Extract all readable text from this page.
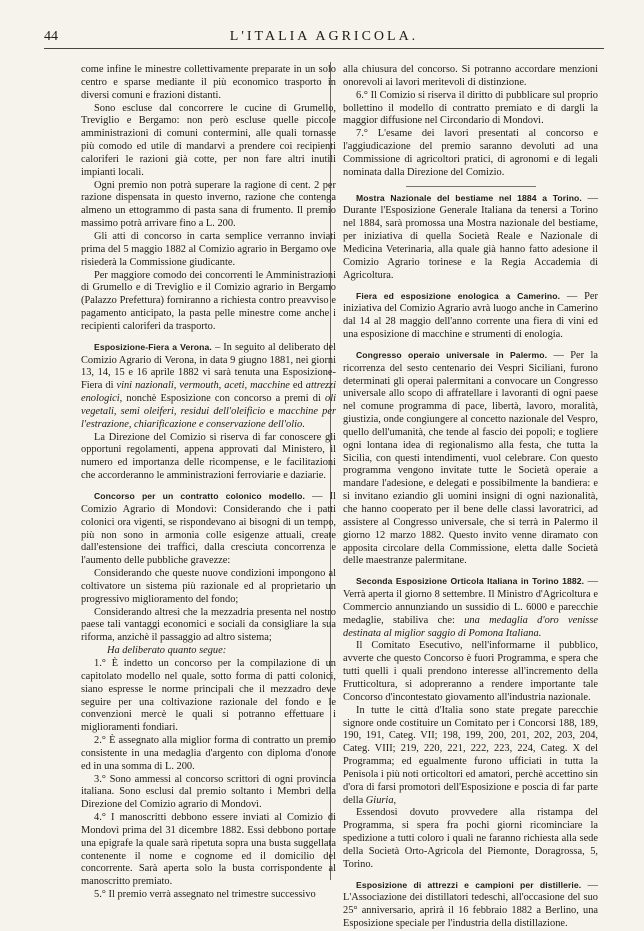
44	L'ITALIA AGRICOLA.

come infine le minestre collettivamente preparate in un solo centro e sparse mediante il più economico trasporto in diversi comuni e frazioni distanti.

Sono escluse dal concorrere le cucine di Grumello, Treviglio e Bergamo: non però escluse quelle piccole amministrazioni di comuni contermini, alle quali tornasse più comodo ed utile di mandarvi a prendere coi recipienti caloriferi le razioni già cotte, per non fare altri inutili impianti locali.

Ogni premio non potrà superare la ragione di cent. 2 per razione dispensata in questo inverno, razione che contenga almeno un ettogrammo di pasta sana di frumento. Il premio massimo potrà arrivare fino a L. 200.

Gli atti di concorso in carta semplice verranno inviati prima del 5 maggio 1882 al Comizio agrario in Bergamo ove risiederà la Commissione giudicante.

Per maggiore comodo dei concorrenti le Amministrazioni di Grumello e di Treviglio e il Comizio agrario in Bergamo (Palazzo Prefettura) forniranno a richiesta contro preavviso e pagamento anticipato, la pasta pelle minestre come anche i recipienti caloriferi da trasporto.

Esposizione-Fiera a Verona. – In seguito al deliberato del Comizio Agrario di Verona, in data 9 giugno 1881, nei giorni 13, 14, 15 e 16 aprile 1882 vi sarà tenuta una Esposizione-Fiera di vini nazionali, vermouth, aceti, macchine ed attrezzi enologici, nonchè Esposizione con concorso a premi di oli vegetali, semi oleiferi, residui dell'oleificio e macchine per l'estrazione, chiarificazione e conservazione dell'olio.

La Direzione del Comizio si riserva di far conoscere gli opportuni regolamenti, appena approvati dal Ministero, il numero ed importanza delle ricompense, e le facilitazioni che accorderanno le amministrazioni ferroviarie e daziarie.

Concorso per un contratto colonico modello. — Il Comizio Agrario di Mondovì: Considerando che i patti colonici ora vigenti, se rispondevano ai bisogni di un tempo, più non sono in armonia colle esigenze attuali, create dall'estensione dei traffici, dalla cresciuta concorrenza e l'aumento delle pubbliche gravezze:

Considerando che queste nuove condizioni impongono al coltivatore un sistema più razionale ed al proprietario un progressivo miglioramento del fondo;

Considerando altresì che la mezzadria presenta nel nostro paese tali vantaggi economici e sociali da consigliare la sua riforma, anzichè il passaggio ad altro sistema;

Ha deliberato quanto segue:

1.° È indetto un concorso per la compilazione di un capitolato modello nel quale, sotto forma di patti colonici, siano espresse le norme principali che il mezzadro deve seguire per una coltivazione razionale del fondo e le convenzioni mercè le quali si potranno effettuare i miglioramenti fondiari.

2.° È assegnato alla miglior forma di contratto un premio consistente in una medaglia d'argento con diploma d'onore ed in una somma di L. 200.

3.° Sono ammessi al concorso scrittori di ogni provincia italiana. Sono esclusi dal premio soltanto i Membri della Direzione del Comizio agrario di Mondovì.

4.° I manoscritti debbono essere inviati al Comizio di Mondovì prima del 31 dicembre 1882. Essi debbono portare una epigrafe la quale sarà ripetuta sopra una busta suggellata contenente il nome e cognome ed il domicilio del concorrente. Sarà aperta solo la busta corrispondente al manoscritto premiato.

5.° Il premio verrà assegnato nel trimestre successivo

alla chiusura del concorso. Si potranno accordare menzioni onorevoli ai lavori meritevoli di distinzione.

6.° Il Comizio si riserva il diritto di pubblicare sul proprio bollettino il modello di contratto premiato e di dargli la maggior diffusione nel Circondario di Mondovì.

7.° L'esame dei lavori presentati al concorso e l'aggiudicazione del premio saranno devoluti ad una Commissione di agricoltori pratici, di agronomi e di legali nominata dalla Direzione del Comizio.

Mostra Nazionale del bestiame nel 1884 a Torino. — Durante l'Esposizione Generale Italiana da tenersi a Torino nel 1884, sarà promossa una Mostra nazionale del bestiame, per iniziativa di quella Società Reale e Nazionale di Medicina Veterinaria, alla quale già hanno fatto adesione il Comizio Agrario torinese e la Regia Accademia di Agricoltura.

Fiera ed esposizione enologica a Camerino. — Per iniziativa del Comizio Agrario avrà luogo anche in Camerino dal 14 al 28 maggio dell'anno corrente una fiera di vini ed una esposizione di macchine e strumenti di enologia.

Congresso operaio universale in Palermo. — Per la ricorrenza del sesto centenario dei Vespri Siciliani, furono determinati gli operai palermitani a convocare un Congresso universale allo scopo di affratellare i lavoranti di ogni paese nel comune programma di pace, libertà, lavoro, moralità, giustizia, onde congiungere al concetto nazionale del Vespro, quello dell'umanità, che tende al fascio dei popoli; e togliere ogni lontana idea di regionalismo alla festa, che tutta la Sicilia, con questi intendimenti, vuol celebrare. Con questo programma vengono invitate tutte le Società operaie a mandare l'adesione, e delegati e possibilmente la bandiera: e si invitano eziandio gli uomini insigni di ogni nazionalità, che hanno cooperato per il bene delle classi lavoratrici, ad assistere al Congresso universale, che si terrà in Palermo il giorno 12 marzo 1882. Questo invito venne diramato con apposita circolare della Commissione, eletta dalle Società delle maestranze palermitane.

Seconda Esposizione Orticola Italiana in Torino 1882. — Verrà aperta il giorno 8 settembre. Il Ministro d'Agricoltura e Commercio annunziando un sussidio di L. 6000 e parecchie medaglie, stabiliva che: una medaglia d'oro venisse destinata al miglior saggio di Pomona Italiana.

Il Comitato Esecutivo, nell'informarne il pubblico, avverte che questo Concorso è fuori Programma, e spera che tutti quelli i quali prendono interesse all'incremento della Frutticoltura, si adopreranno a rendere importante tale Concorso d'incontestato giovamento all'industria nazionale.

In tutte le città d'Italia sono state pregate parecchie signore onde costituire un Comitato per i Concorsi 188, 189, 190, 191, Categ. VII; 198, 199, 200, 201, 202, 203, 204, Categ. VIII; 219, 220, 221, 222, 223, 224, Categ. X del Programma; ed egualmente furono ufficiati in tutta la Penisola i più noti orticoltori ed amatori, perchè accettino sin d'ora di farsi promotori dell'Esposizione e poscia di far parte della Giuria,

Essendosi dovuto provvedere alla ristampa del Programma, si spera fra pochi giorni ricominciare la spedizione a tutti coloro i quali ne faranno richiesta alla sede della Società Orto-Agricola del Piemonte, Doragrossa, 5, Torino.

Esposizione di attrezzi e campioni per distillerie. — L'Associazione dei distillatori tedeschi, all'occasione del suo 25° anniversario, aprirà il 16 febbraio 1882 a Berlino, una Esposizione speciale per l'industria della distillazione.
